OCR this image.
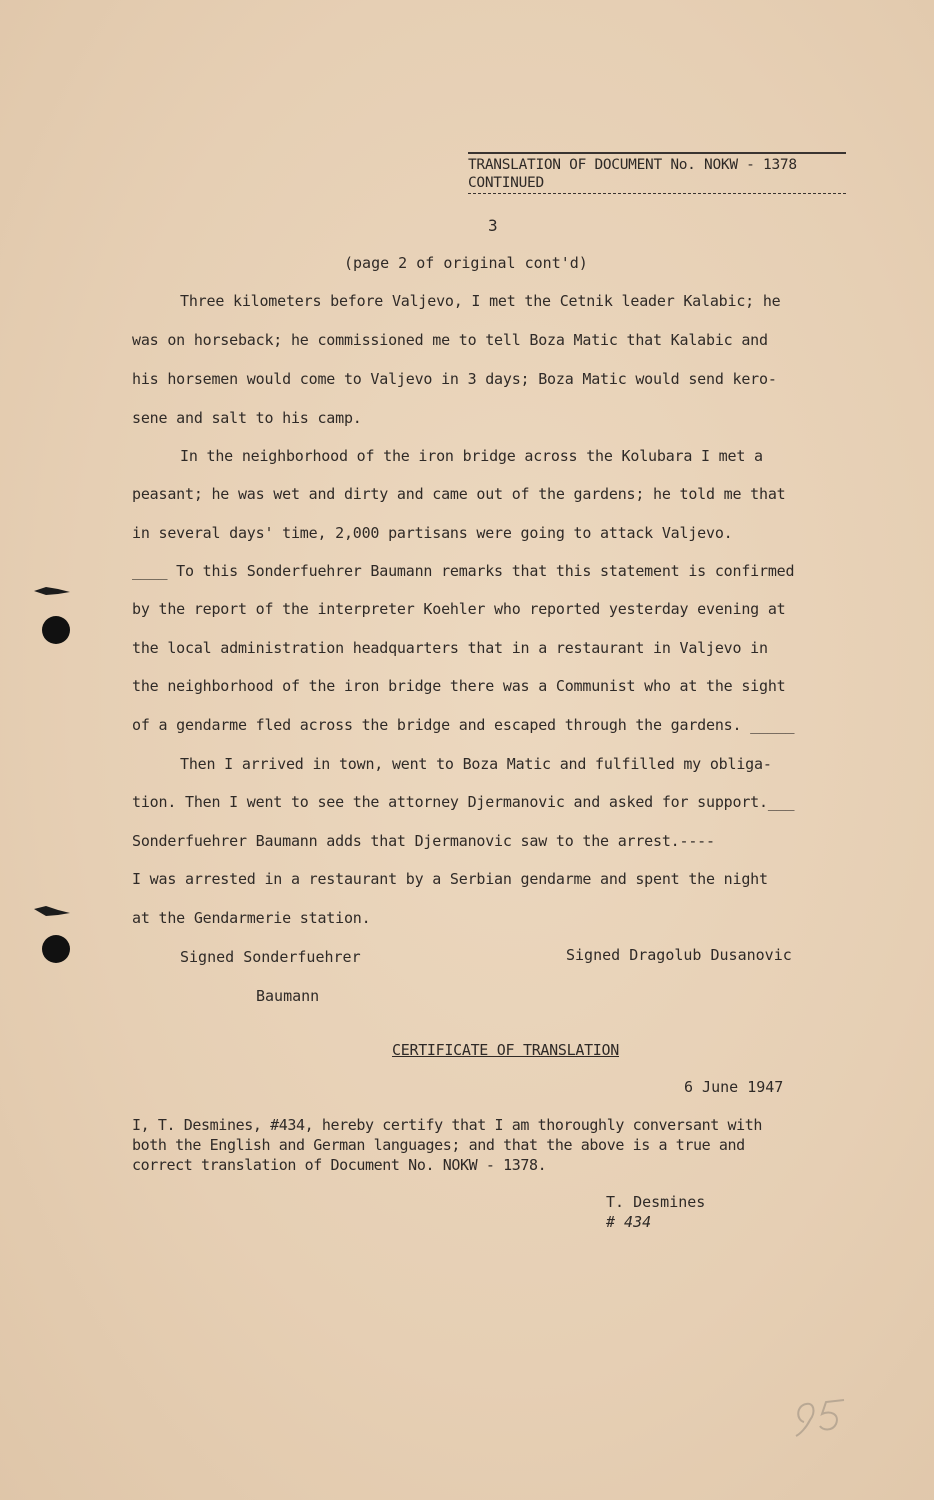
TRANSLATION OF DOCUMENT No. NOKW - 1378
CONTINUED
3
(page 2 of original cont'd)
Three kilometers before Valjevo, I met the Cetnik leader Kalabic; he
was on horseback; he commissioned me to tell Boza Matic that Kalabic and
his horsemen would come to Valjevo in 3 days; Boza Matic would send kero-
sene and salt to his camp.
In the neighborhood of the iron bridge across the Kolubara I met a
peasant; he was wet and dirty and came out of the gardens; he told me that
in several days' time, 2,000 partisans were going to attack Valjevo.
____ To this Sonderfuehrer Baumann remarks that this statement is confirmed
by the report of the interpreter Koehler who reported yesterday evening at
the local administration headquarters that in a restaurant in Valjevo in
the neighborhood of the iron bridge there was a Communist who at the sight
of a gendarme fled across the bridge and escaped through the gardens. _____
Then I arrived in town, went to Boza Matic and fulfilled my obliga-
tion. Then I went to see the attorney Djermanovic and asked for support.___
Sonderfuehrer Baumann adds that Djermanovic saw to the arrest.----
I was arrested in a restaurant by a Serbian gendarme and spent the night
at the Gendarmerie station.
Signed Sonderfuehrer
Baumann
Signed Dragolub Dusanovic
CERTIFICATE OF TRANSLATION
6 June 1947
I, T. Desmines, #434, hereby certify that I am thoroughly conversant with
both the English and German languages; and that the above is a true and
correct translation of Document No. NOKW - 1378.
T. Desmines
# 434
